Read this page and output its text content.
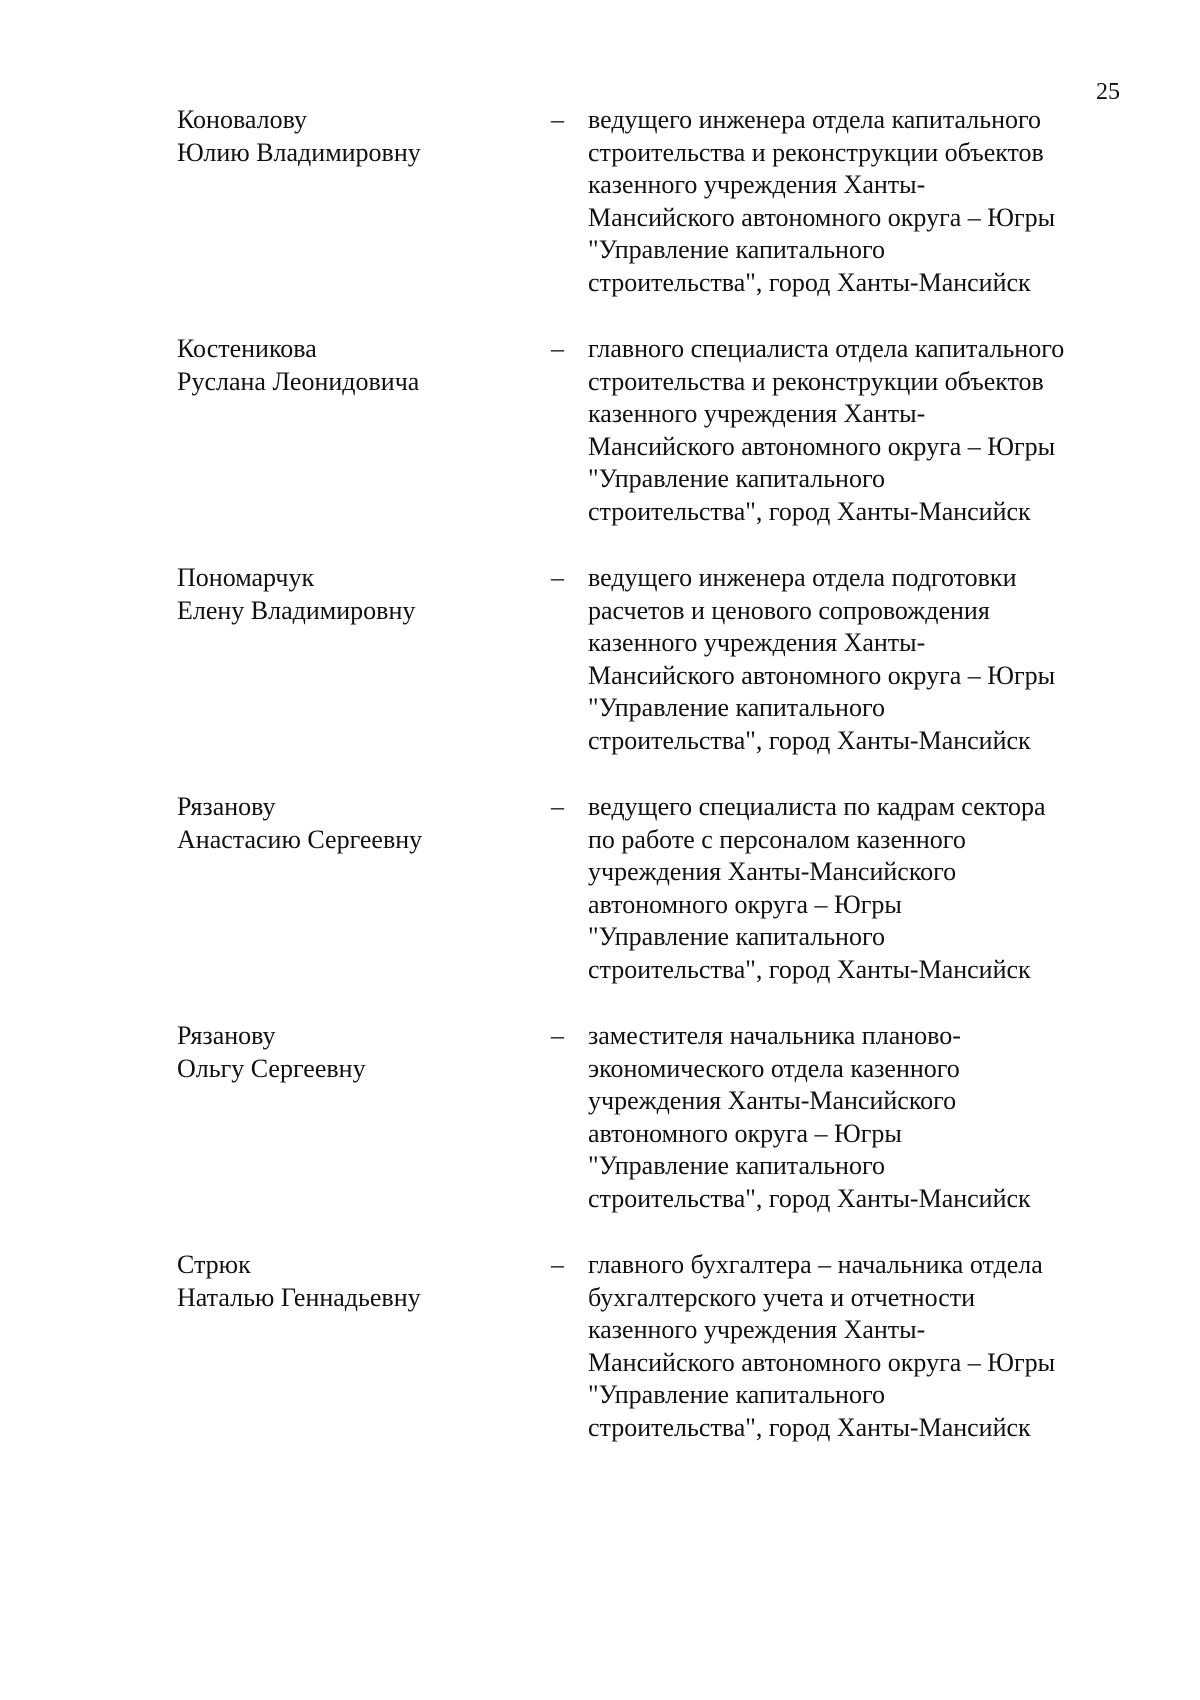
25
Коновалову
Юлию Владимировну
– ведущего инженера отдела капитального
строительства и реконструкции объектов
казенного учреждения Ханты-
Мансийского автономного округа – Югры
"Управление капитального
строительства", город Ханты-Мансийск
Костеникова
Руслана Леонидовича
– главного специалиста отдела капитального
строительства и реконструкции объектов
казенного учреждения Ханты-
Мансийского автономного округа – Югры
"Управление капитального
строительства", город Ханты-Мансийск
Пономарчук
Елену Владимировну
– ведущего инженера отдела подготовки
расчетов и ценового сопровождения
казенного учреждения Ханты-
Мансийского автономного округа – Югры
"Управление капитального
строительства", город Ханты-Мансийск
Рязанову
Анастасию Сергеевну
– ведущего специалиста по кадрам сектора
по работе с персоналом казенного
учреждения Ханты-Мансийского
автономного округа – Югры
"Управление капитального
строительства", город Ханты-Мансийск
Рязанову
Ольгу Сергеевну
– заместителя начальника планово-
экономического отдела казенного
учреждения Ханты-Мансийского
автономного округа – Югры
"Управление капитального
строительства", город Ханты-Мансийск
Стрюк
Наталью Геннадьевну
– главного бухгалтера – начальника отдела
бухгалтерского учета и отчетности
казенного учреждения Ханты-
Мансийского автономного округа – Югры
"Управление капитального
строительства", город Ханты-Мансийск
